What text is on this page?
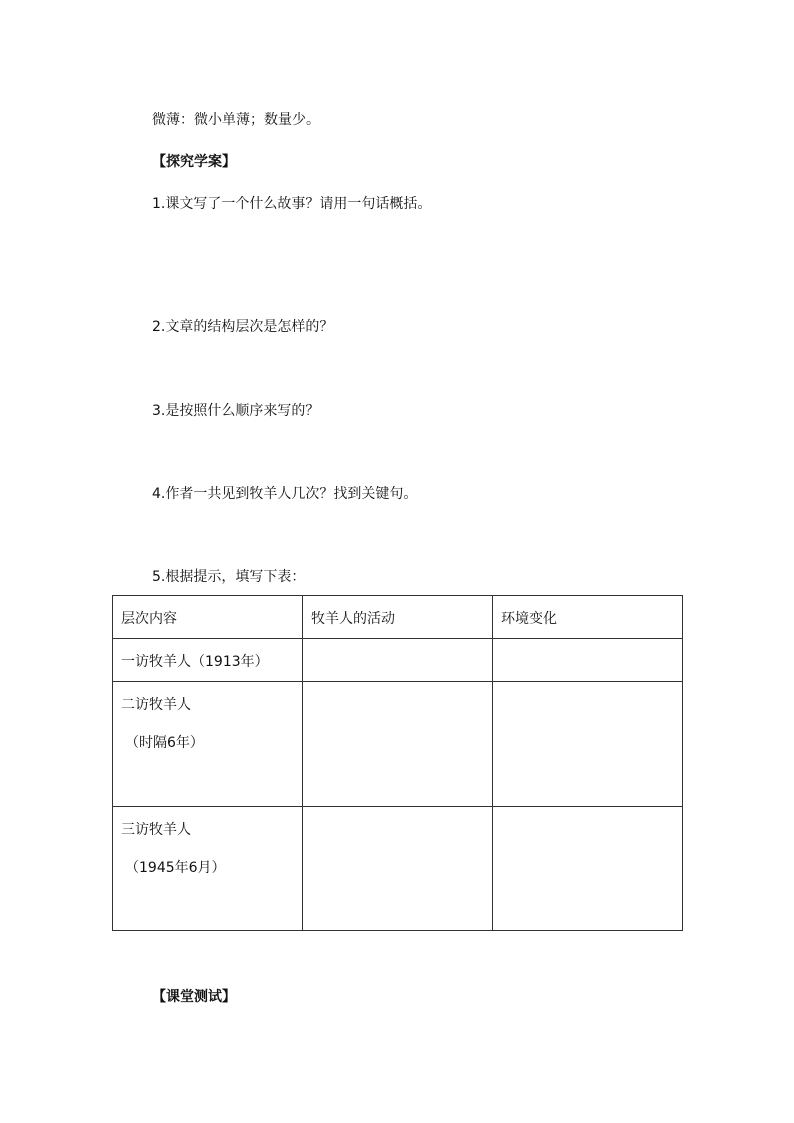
微薄：微小单薄；数量少。
【探究学案】
1.课文写了一个什么故事？请用一句话概括。
2.文章的结构层次是怎样的？
3.是按照什么顺序来写的？
4.作者一共见到牧羊人几次？找到关键句。
5.根据提示，填写下表：
层次内容	牧羊人的活动	环境变化

一访牧羊人（1913年）		

二访牧羊人
（时隔6年）		

三访牧羊人
（1945年6月）		

【课堂测试】
